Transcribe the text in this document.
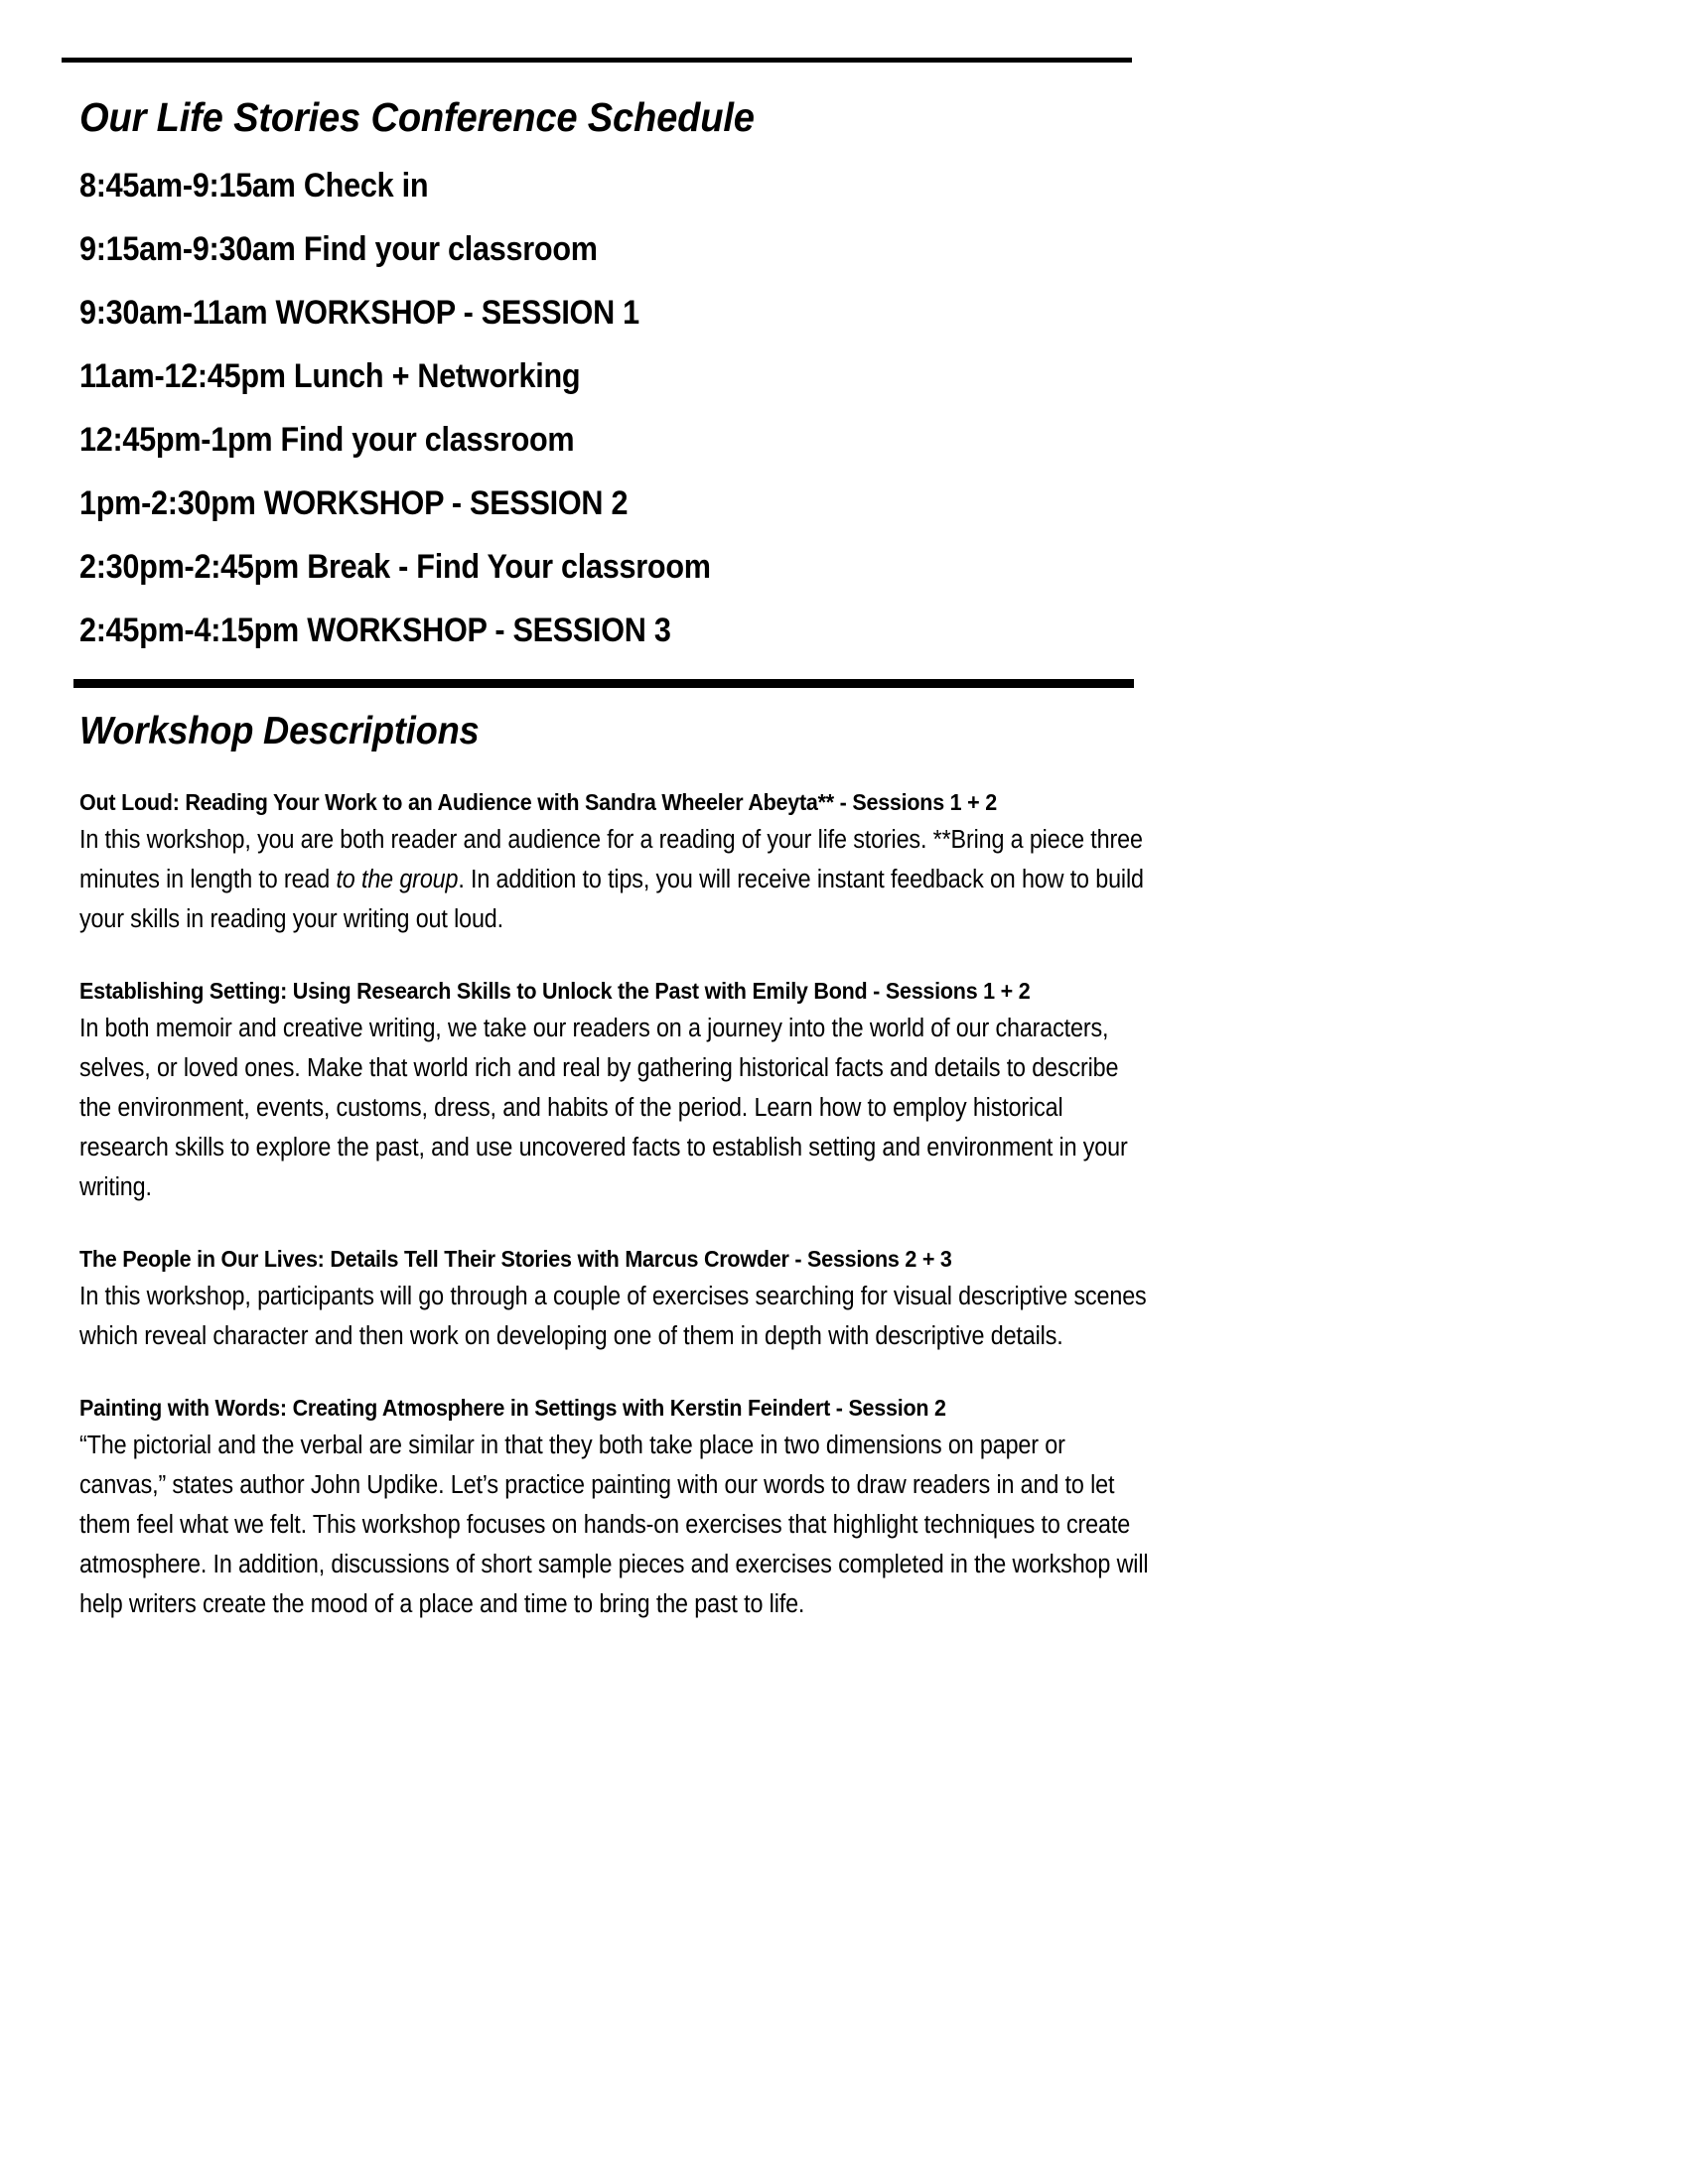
Our Life Stories Conference Schedule
8:45am-9:15am Check in
9:15am-9:30am Find your classroom
9:30am-11am WORKSHOP - SESSION 1
11am-12:45pm Lunch + Networking
12:45pm-1pm Find your classroom
1pm-2:30pm WORKSHOP - SESSION 2
2:30pm-2:45pm Break - Find Your classroom
2:45pm-4:15pm WORKSHOP - SESSION 3
Workshop Descriptions
Out Loud: Reading Your Work to an Audience with Sandra Wheeler Abeyta** - Sessions 1 + 2

In this workshop, you are both reader and audience for a reading of your life stories. **Bring a piece three minutes in length to read to the group. In addition to tips, you will receive instant feedback on how to build your skills in reading your writing out loud.

Establishing Setting: Using Research Skills to Unlock the Past with Emily Bond - Sessions 1 + 2

In both memoir and creative writing, we take our readers on a journey into the world of our characters, selves, or loved ones. Make that world rich and real by gathering historical facts and details to describe the environment, events, customs, dress, and habits of the period. Learn how to employ historical research skills to explore the past, and use uncovered facts to establish setting and environment in your writing.

The People in Our Lives: Details Tell Their Stories with Marcus Crowder - Sessions 2 + 3

In this workshop, participants will go through a couple of exercises searching for visual descriptive scenes which reveal character and then work on developing one of them in depth with descriptive details.

Painting with Words: Creating Atmosphere in Settings with Kerstin Feindert - Session 2

“The pictorial and the verbal are similar in that they both take place in two dimensions on paper or canvas,” states author John Updike. Let’s practice painting with our words to draw readers in and to let them feel what we felt. This workshop focuses on hands-on exercises that highlight techniques to create atmosphere. In addition, discussions of short sample pieces and exercises completed in the workshop will help writers create the mood of a place and time to bring the past to life.
